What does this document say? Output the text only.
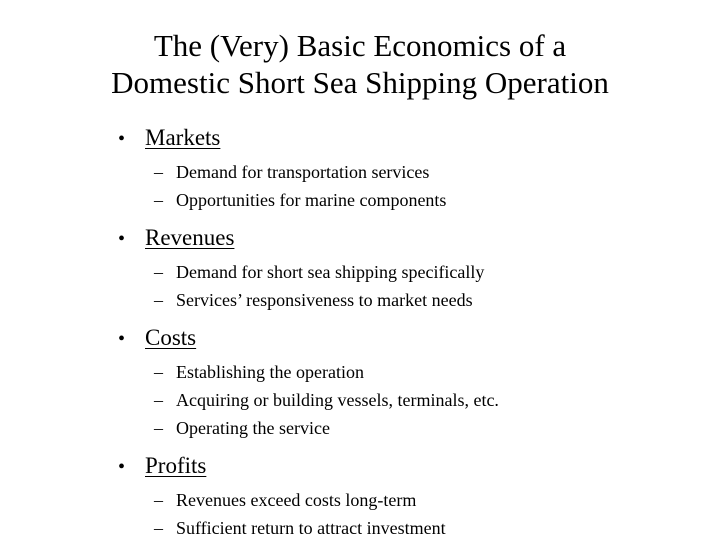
The (Very) Basic Economics of a
Domestic Short Sea Shipping Operation
• Markets
– Demand for transportation services
– Opportunities for marine components
• Revenues
– Demand for short sea shipping specifically
– Services’ responsiveness to market needs
• Costs
– Establishing the operation
– Acquiring or building vessels, terminals, etc.
– Operating the service
• Profits
– Revenues exceed costs long-term
– Sufficient return to attract investment
